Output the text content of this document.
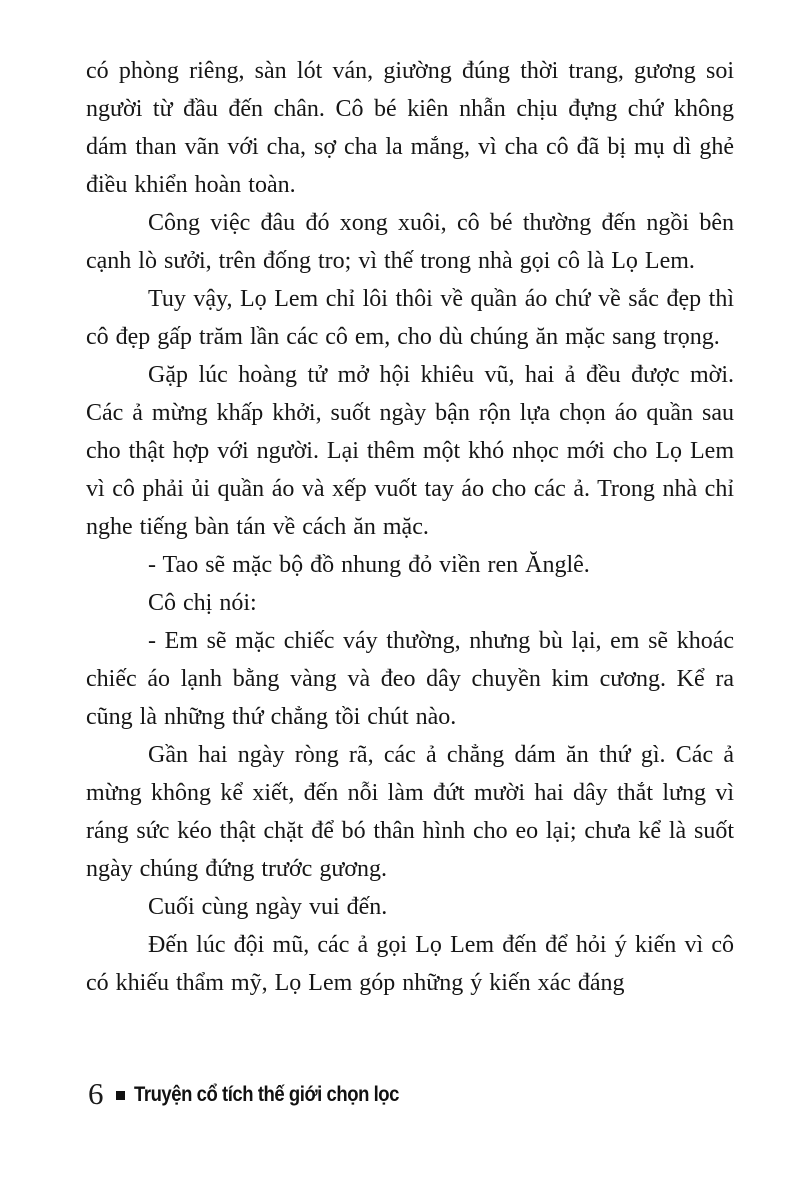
có phòng riêng, sàn lót ván, giường đúng thời trang, gương soi người từ đầu đến chân. Cô bé kiên nhẫn chịu đựng chứ không dám than vãn với cha, sợ cha la mắng, vì cha cô đã bị mụ dì ghẻ điều khiển hoàn toàn.

Công việc đâu đó xong xuôi, cô bé thường đến ngồi bên cạnh lò sưởi, trên đống tro; vì thế trong nhà gọi cô là Lọ Lem.

Tuy vậy, Lọ Lem chỉ lôi thôi về quần áo chứ về sắc đẹp thì cô đẹp gấp trăm lần các cô em, cho dù chúng ăn mặc sang trọng.

Gặp lúc hoàng tử mở hội khiêu vũ, hai ả đều được mời. Các ả mừng khấp khởi, suốt ngày bận rộn lựa chọn áo quần sau cho thật hợp với người. Lại thêm một khó nhọc mới cho Lọ Lem vì cô phải ủi quần áo và xếp vuốt tay áo cho các ả. Trong nhà chỉ nghe tiếng bàn tán về cách ăn mặc.

- Tao sẽ mặc bộ đồ nhung đỏ viền ren Ănglê.

Cô chị nói:

- Em sẽ mặc chiếc váy thường, nhưng bù lại, em sẽ khoác chiếc áo lạnh bằng vàng và đeo dây chuyền kim cương. Kể ra cũng là những thứ chẳng tồi chút nào.

Gần hai ngày ròng rã, các ả chẳng dám ăn thứ gì. Các ả mừng không kể xiết, đến nỗi làm đứt mười hai dây thắt lưng vì ráng sức kéo thật chặt để bó thân hình cho eo lại; chưa kể là suốt ngày chúng đứng trước gương.

Cuối cùng ngày vui đến.

Đến lúc đội mũ, các ả gọi Lọ Lem đến để hỏi ý kiến vì cô có khiếu thẩm mỹ, Lọ Lem góp những ý kiến xác đáng

6 Truyện cổ tích thế giới chọn lọc
